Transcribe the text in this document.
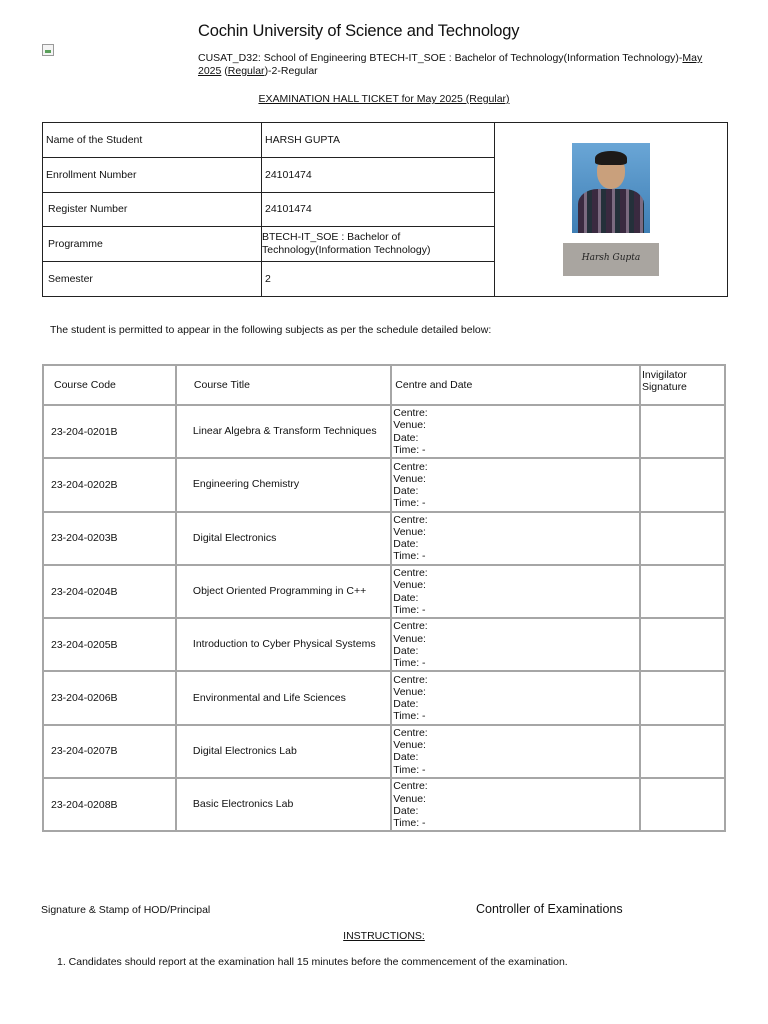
Cochin University of Science and Technology
CUSAT_D32: School of Engineering BTECH-IT_SOE : Bachelor of Technology(Information Technology)-May 2025 (Regular)-2-Regular
EXAMINATION HALL TICKET for May 2025 (Regular)
Name of the Student	HARSH GUPTA	Harsh Gupta

Enrollment Number	24101474	
Register Number	24101474	
Programme	BTECH-IT_SOE : Bachelor of Technology(Information Technology)	
Semester	2	
The student is permitted to appear in the following subjects as per the schedule detailed below:
Course Code	Course Title	Centre and Date	Invigilator Signature
23-204-0201B	Linear Algebra & Transform Techniques	Centre:
Venue:
Date:
Time: -	

23-204-0202B	Engineering Chemistry	Centre:
Venue:
Date:
Time: -	

23-204-0203B	Digital Electronics	Centre:
Venue:
Date:
Time: -	

23-204-0204B	Object Oriented Programming in C++	Centre:
Venue:
Date:
Time: -	

23-204-0205B	Introduction to Cyber Physical Systems	Centre:
Venue:
Date:
Time: -	

23-204-0206B	Environmental and Life Sciences	Centre:
Venue:
Date:
Time: -	

23-204-0207B	Digital Electronics Lab	Centre:
Venue:
Date:
Time: -	

23-204-0208B	Basic Electronics Lab	Centre:
Venue:
Date:
Time: -	

Signature & Stamp of HOD/Principal	Controller of Examinations
INSTRUCTIONS:
1. Candidates should report at the examination hall 15 minutes before the commencement of the examination.
